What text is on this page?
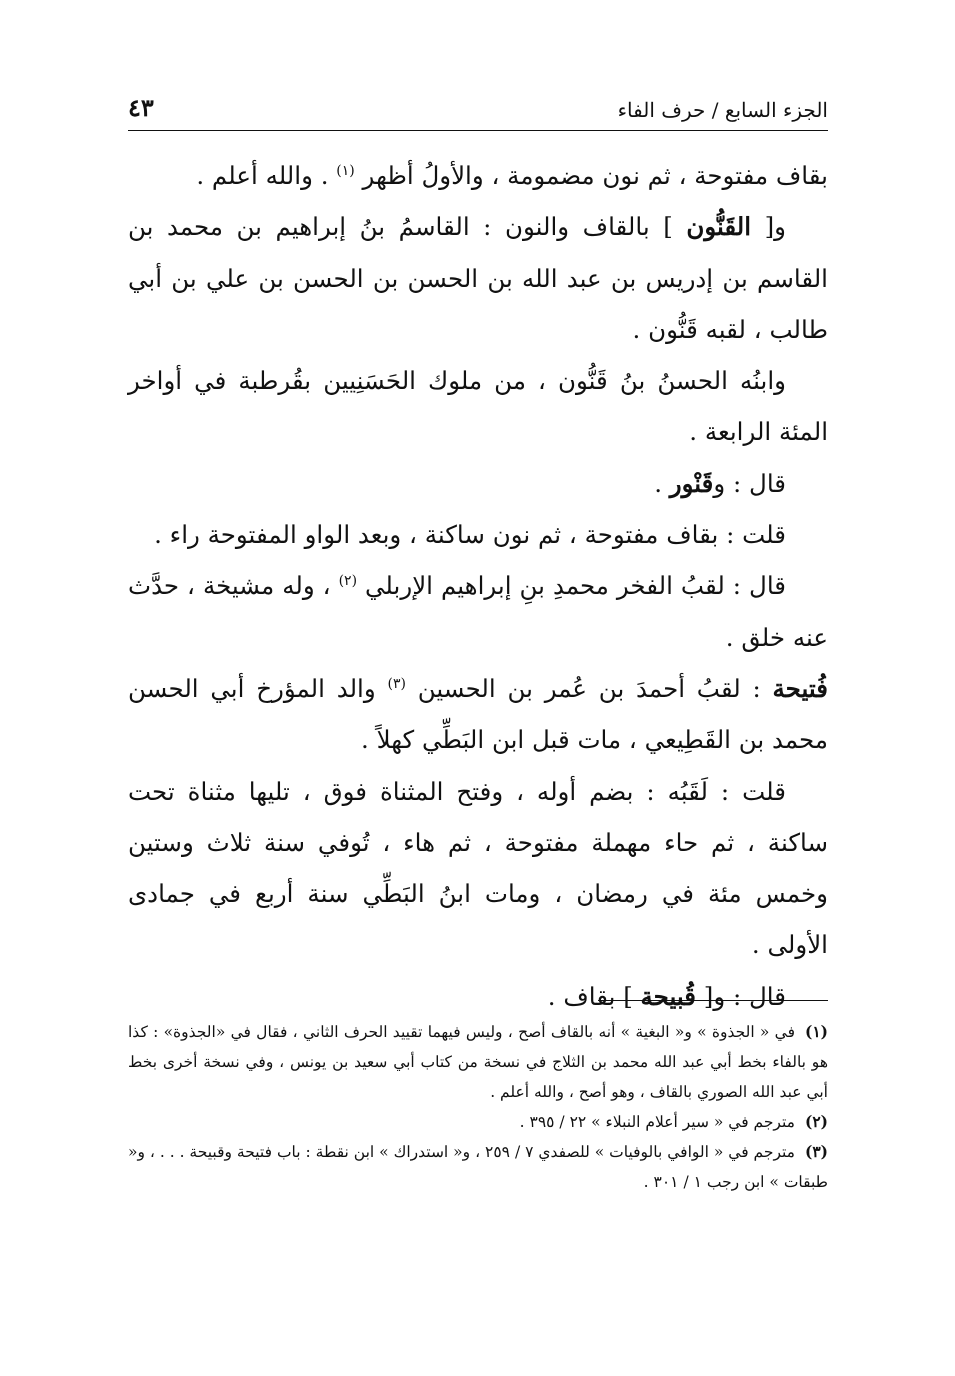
الجزء السابع / حرف الفاء
٤٣

بقاف مفتوحة ، ثم نون مضمومة ، والأولُ أظهر $^{(١)}$ . والله أعلم .

و[ القَنُّون ] بالقاف والنون : القاسمُ بنُ إبراهيم بن محمد بن القاسم بن إدريس بن عبد الله بن الحسن بن الحسن بن علي بن أبي طالب ، لقبه قَنُّون .

وابنُه الحسنُ بنُ قَنُّون ، من ملوك الحَسَنِيين بقُرطبة في أواخر المئة الرابعة .

قال : وقَنْور .

قلت : بقاف مفتوحة ، ثم نون ساكنة ، وبعد الواو المفتوحة راء .

قال : لقبُ الفخر محمدِ بنِ إبراهيم الإربلي $^{(٢)}$ ، وله مشيخة ، حدَّث عنه خلق .

فُتيحة : لقبُ أحمدَ بن عُمر بن الحسين $^{(٣)}$ والد المؤرخ أبي الحسن محمد بن القَطِيعي ، مات قبل ابن البَطِّي كهلاً .

قلت : لَقَبُه : بضم أوله ، وفتح المثناة فوق ، تليها مثناة تحت ساكنة ، ثم حاء مهملة مفتوحة ، ثم هاء ، تُوفي سنة ثلاث وستين وخمس مئة في رمضان ، ومات ابنُ البَطِّي سنة أربع في جمادى الأولى .

قال : و[ قُبيحة ] بقاف .

(١)في « الجذوة » و« البغية » أنه بالقاف أصح ، وليس فيهما تقييد الحرف الثاني ، فقال في «الجذوة» : كذا هو بالفاء بخط أبي عبد الله محمد بن الثلاج في نسخة من كتاب أبي سعيد بن يونس ، وفي نسخة أخرى بخط أبي عبد الله الصوري بالقاف ، وهو أصح ، والله أعلم .

(٢)مترجم في « سير أعلام النبلاء » ٢٢ / ٣٩٥ .

(٣)مترجم في « الوافي بالوفيات » للصفدي ٧ / ٢٥٩ ، و« استدراك » ابن نقطة : باب فتيحة وقبيحة . . . ، و« طبقات » ابن رجب ١ / ٣٠١ .
